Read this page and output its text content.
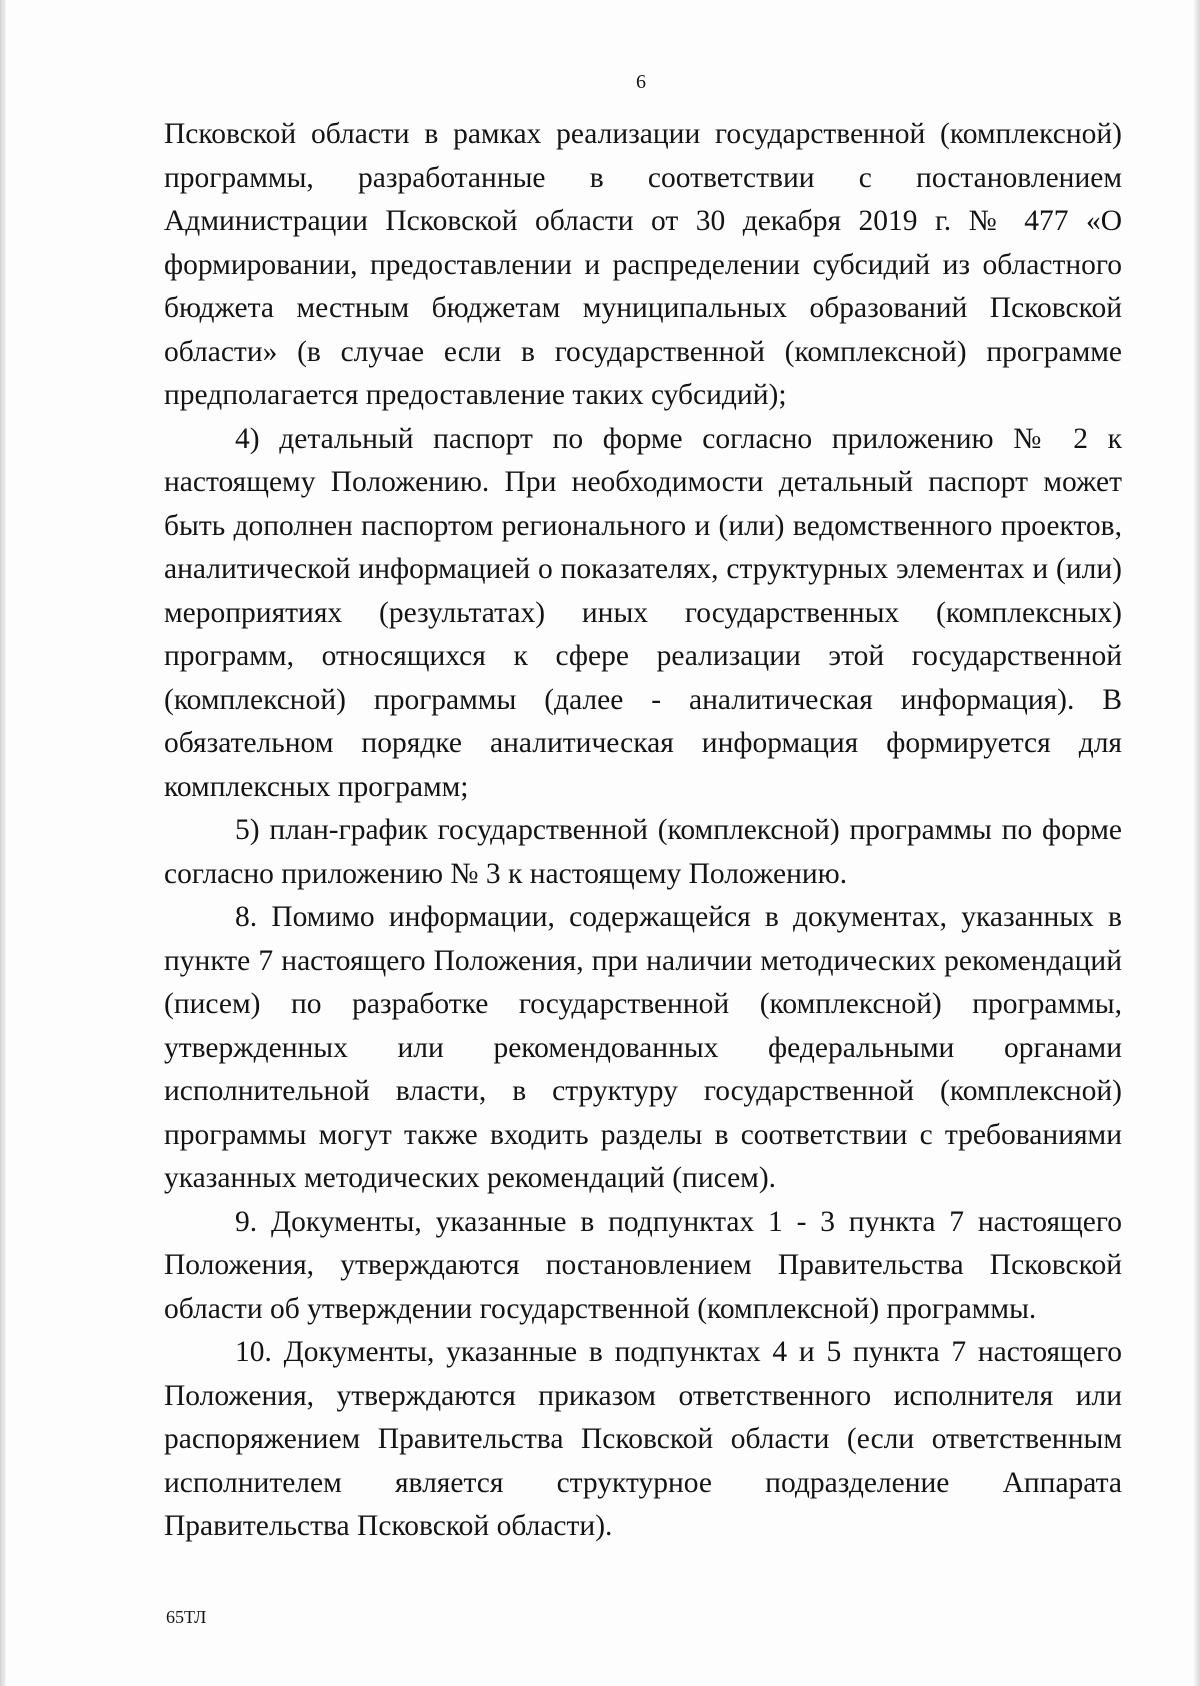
6

Псковской области в рамках реализации государственной (комплексной) программы, разработанные в соответствии с постановлением Администрации Псковской области от 30 декабря 2019 г. № 477 «О формировании, предоставлении и распределении субсидий из областного бюджета местным бюджетам муниципальных образований Псковской области» (в случае если в государственной (комплексной) программе предполагается предоставление таких субсидий);

4) детальный паспорт по форме согласно приложению № 2 к настоящему Положению. При необходимости детальный паспорт может быть дополнен паспортом регионального и (или) ведомственного проектов, аналитической информацией о показателях, структурных элементах и (или) мероприятиях (результатах) иных государственных (комплексных) программ, относящихся к сфере реализации этой государственной (комплексной) программы (далее - аналитическая информация). В обязательном порядке аналитическая информация формируется для комплексных программ;

5) план-график государственной (комплексной) программы по форме согласно приложению № 3 к настоящему Положению.

8. Помимо информации, содержащейся в документах, указанных в пункте 7 настоящего Положения, при наличии методических рекомендаций (писем) по разработке государственной (комплексной) программы, утвержденных или рекомендованных федеральными органами исполнительной власти, в структуру государственной (комплексной) программы могут также входить разделы в соответствии с требованиями указанных методических рекомендаций (писем).

9. Документы, указанные в подпунктах 1 - 3 пункта 7 настоящего Положения, утверждаются постановлением Правительства Псковской области об утверждении государственной (комплексной) программы.

10. Документы, указанные в подпунктах 4 и 5 пункта 7 настоящего Положения, утверждаются приказом ответственного исполнителя или распоряжением Правительства Псковской области (если ответственным исполнителем является структурное подразделение Аппарата Правительства Псковской области).

65ТЛ
